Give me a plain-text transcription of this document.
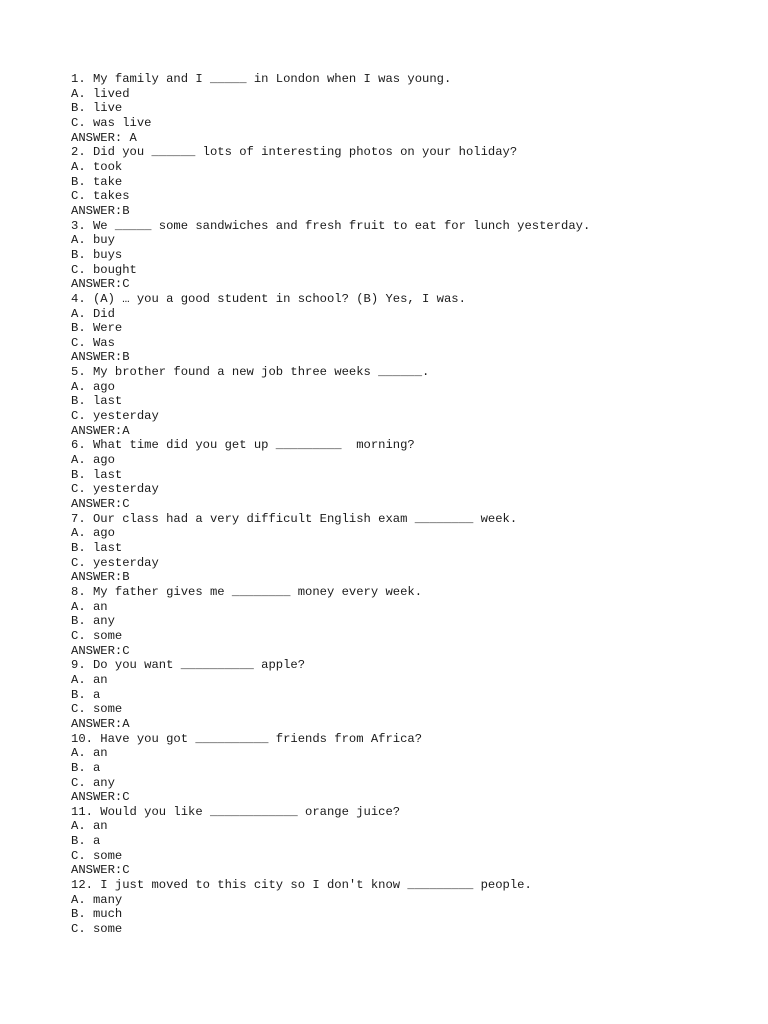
1. My family and I _____ in London when I was young.
A. lived
B. live
C. was live
ANSWER: A
2. Did you ______ lots of interesting photos on your holiday?
A. took
B. take
C. takes
ANSWER:B
3. We _____ some sandwiches and fresh fruit to eat for lunch yesterday.
A. buy
B. buys
C. bought
ANSWER:C
4. (A) … you a good student in school? (B) Yes, I was.
A. Did
B. Were
C. Was
ANSWER:B
5. My brother found a new job three weeks ______.
A. ago
B. last
C. yesterday
ANSWER:A
6. What time did you get up _________  morning?
A. ago
B. last
C. yesterday
ANSWER:C
7. Our class had a very difficult English exam ________ week.
A. ago
B. last
C. yesterday
ANSWER:B
8. My father gives me ________ money every week.
A. an
B. any
C. some
ANSWER:C
9. Do you want __________ apple?
A. an
B. a
C. some
ANSWER:A
10. Have you got __________ friends from Africa?
A. an
B. a
C. any
ANSWER:C
11. Would you like ____________ orange juice?
A. an
B. a
C. some
ANSWER:C
12. I just moved to this city so I don't know _________ people.
A. many
B. much
C. some
